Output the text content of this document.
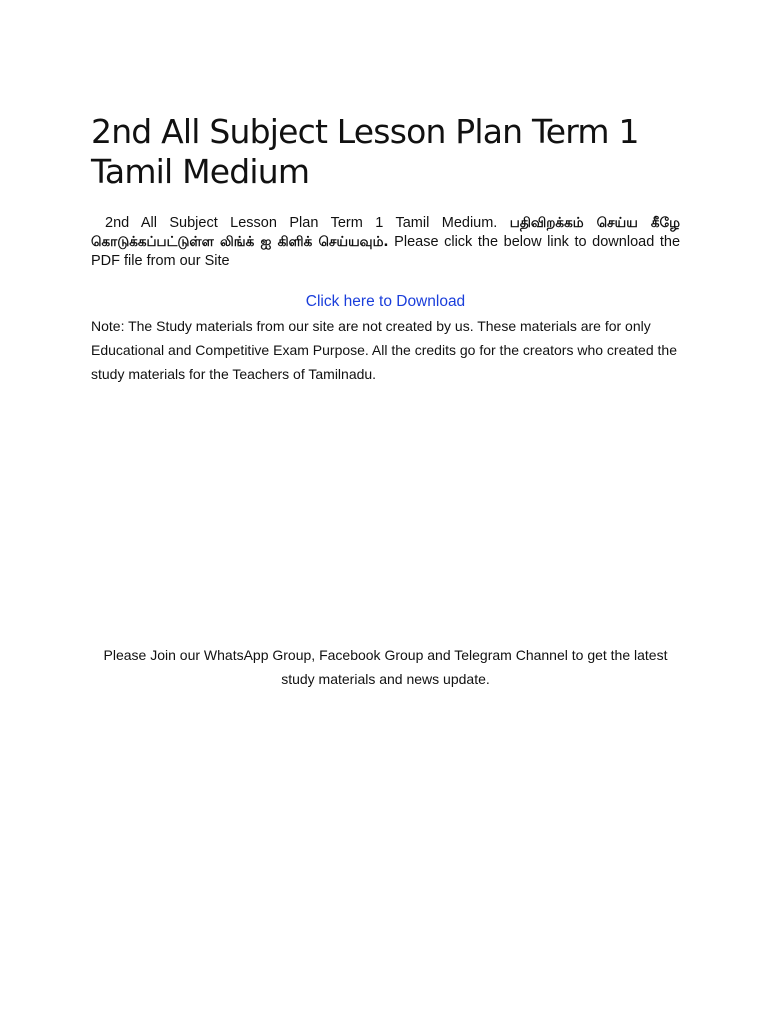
2nd All Subject Lesson Plan Term 1 Tamil Medium

2nd All Subject Lesson Plan Term 1 Tamil Medium. பதிவிறக்கம் செய்ய கீழே கொடுக்கப்பட்டுள்ள லிங்க் ஐ கிளிக் செய்யவும். Please click the below link to download the PDF file from our Site

Click here to Download

Note: The Study materials from our site are not created by us. These materials are for only Educational and Competitive Exam Purpose. All the credits go for the creators who created the study materials for the Teachers of Tamilnadu.

Please Join our WhatsApp Group, Facebook Group and Telegram Channel to get the latest study materials and news update.
